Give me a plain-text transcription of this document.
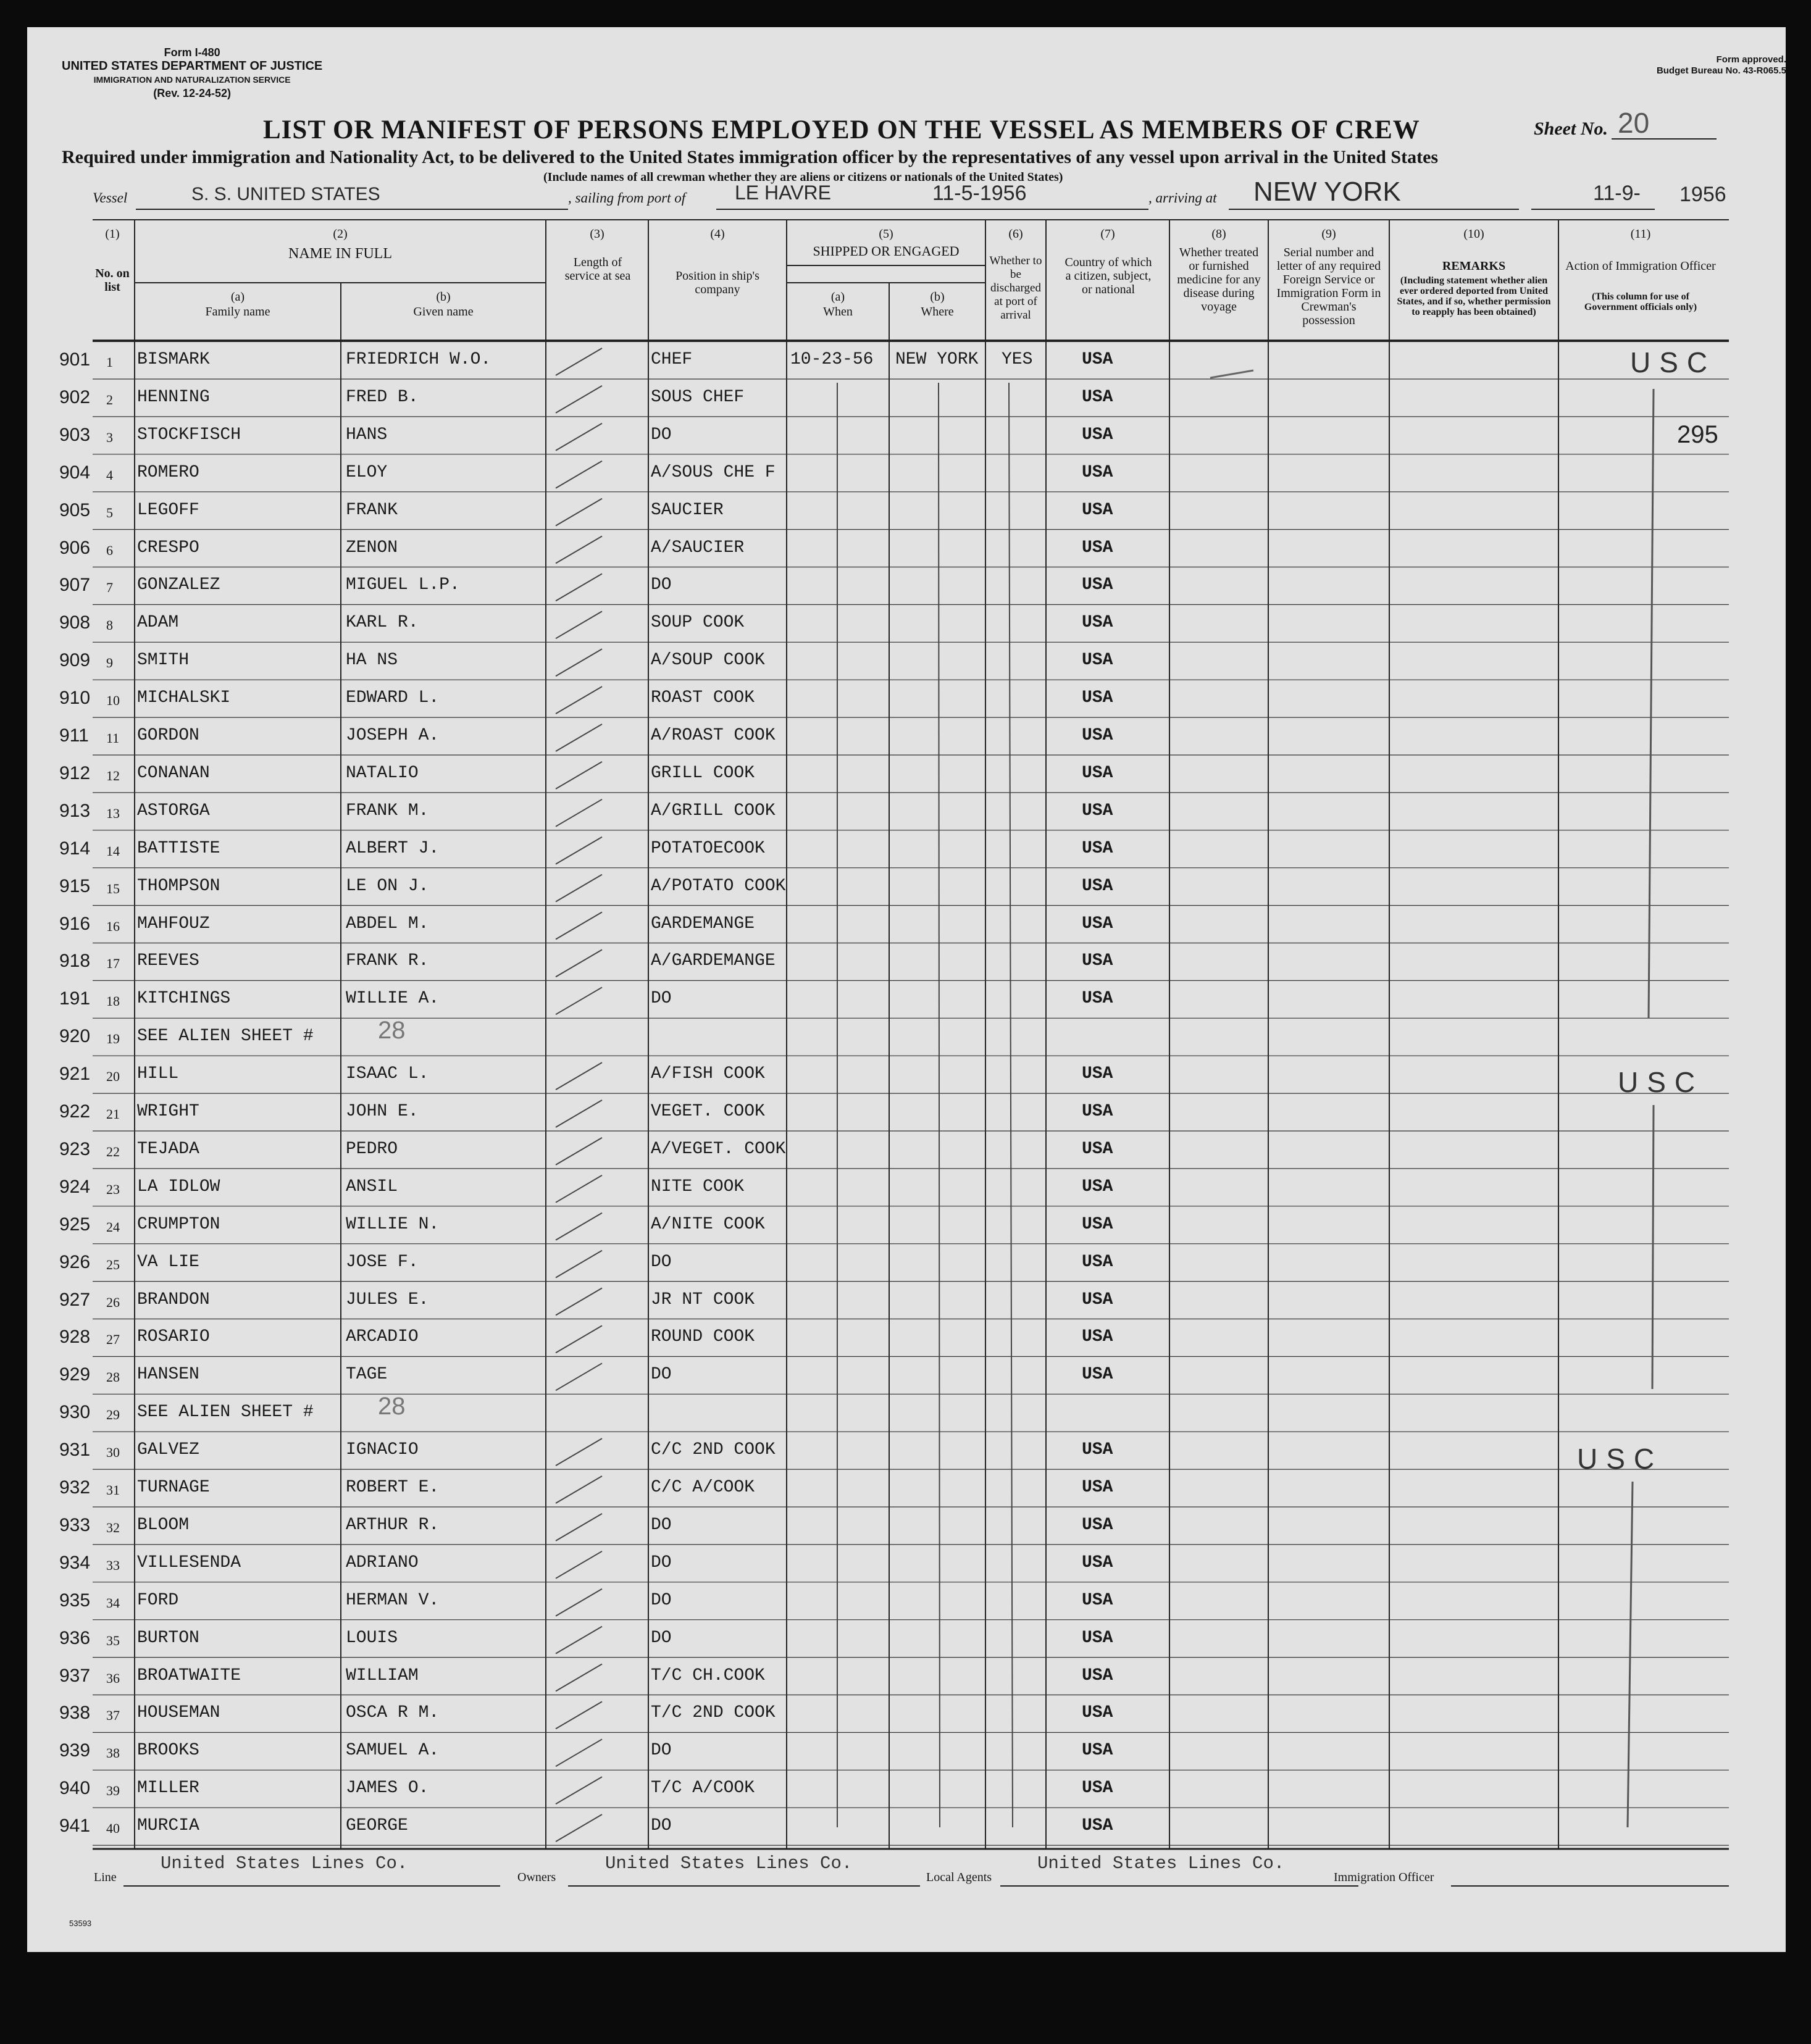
Form I-480
UNITED STATES DEPARTMENT OF JUSTICE
IMMIGRATION AND NATURALIZATION SERVICE
(Rev. 12-24-52)
Form approved.
Budget Bureau No. 43-R065.5
LIST OR MANIFEST OF PERSONS EMPLOYED ON THE VESSEL AS MEMBERS OF CREW	Sheet No. 20
Required under immigration and Nationality Act, to be delivered to the United States immigration officer by the representatives of any vessel upon arrival in the United States
(Include names of all crewman whether they are aliens or citizens or nationals of the United States)
Vessel	S. S. UNITED STATES	, sailing from port of LE HAVRE	11-5-1956	, arriving at NEW YORK	11-9- 1956
(1)
No. on list
(2)
NAME IN FULL
(a)
Family name
(b)
Given name
(3)
Length of service at sea
(4)
Position in ship's company
(5)
SHIPPED OR ENGAGED
(a)
When
(b)
Where
(6)
Whether to be discharged at port of arrival
(7)
Country of which a citizen, subject, or national
(8)
Whether treated or furnished medicine for any disease during voyage
(9)
Serial number and letter of any required Foreign Service or Immigration Form in Crewman's possession
(10)
REMARKS
(Including statement whether alien ever ordered deported from United States, and if so, whether permission to reapply has been obtained)
(11)
Action of Immigration Officer
(This column for use of Government officials only)
901 1 BISMARK	FRIEDRICH W.O.	CHEF	10-23-56 NEW YORK YES	USA
902 2 HENNING	FRED B.	SOUS CHEF	USA
903 3 STOCKFISCH	HANS	DO	USA
904 4 ROMERO	ELOY	A/SOUS CHE F	USA
905 5 LEGOFF	FRANK	SAUCIER	USA
906 6 CRESPO	ZENON	A/SAUCIER	USA
907 7 GONZALEZ	MIGUEL L.P.	DO	USA
908 8 ADAM	KARL R.	SOUP COOK	USA
909 9 SMITH	HA NS	A/SOUP COOK	USA
910 10 MICHALSKI	EDWARD L.	ROAST COOK	USA
911 11 GORDON	JOSEPH A.	A/ROAST COOK	USA
912 12 CONANAN	NATALIO	GRILL COOK	USA
913 13 ASTORGA	FRANK M.	A/GRILL COOK	USA
914 14 BATTISTE	ALBERT J.	POTATOECOOK	USA
915 15 THOMPSON	LE ON J.	A/POTATO COOK	USA
916 16 MAHFOUZ	ABDEL M.	GARDEMANGE	USA
918 17 REEVES	FRANK R.	A/GARDEMANGE	USA
191 18 KITCHINGS	WILLIE A.	DO	USA
920 19 SEE ALIEN SHEET #	28
921 20 HILL	ISAAC L.	A/FISH COOK	USA
922 21 WRIGHT	JOHN E.	VEGET. COOK	USA
923 22 TEJADA	PEDRO	A/VEGET. COOK	USA
924 23 LA IDLOW	ANSIL	NITE COOK	USA
925 24 CRUMPTON	WILLIE N.	A/NITE COOK	USA
926 25 VA LIE	JOSE F.	DO	USA
927 26 BRANDON	JULES E.	JR NT COOK	USA
928 27 ROSARIO	ARCADIO	ROUND COOK	USA
929 28 HANSEN	TAGE	DO	USA
930 29 SEE ALIEN SHEET #	28
931 30 GALVEZ	IGNACIO	C/C 2ND COOK	USA
932 31 TURNAGE	ROBERT E.	C/C A/COOK	USA
933 32 BLOOM	ARTHUR R.	DO	USA
934 33 VILLESENDA	ADRIANO	DO	USA
935 34 FORD	HERMAN V.	DO	USA
936 35 BURTON	LOUIS	DO	USA
937 36 BROATWAITE	WILLIAM	T/C CH.COOK	USA
938 37 HOUSEMAN	OSCA R M.	T/C 2ND COOK	USA
939 38 BROOKS	SAMUEL A.	DO	USA
940 39 MILLER	JAMES O.	T/C A/COOK	USA
941 40 MURCIA	GEORGE	DO	USA
USC
USC
USC
295
Line
United States Lines Co.
Owners
United States Lines Co.
Local Agents
United States Lines Co.
Immigration Officer
53593
